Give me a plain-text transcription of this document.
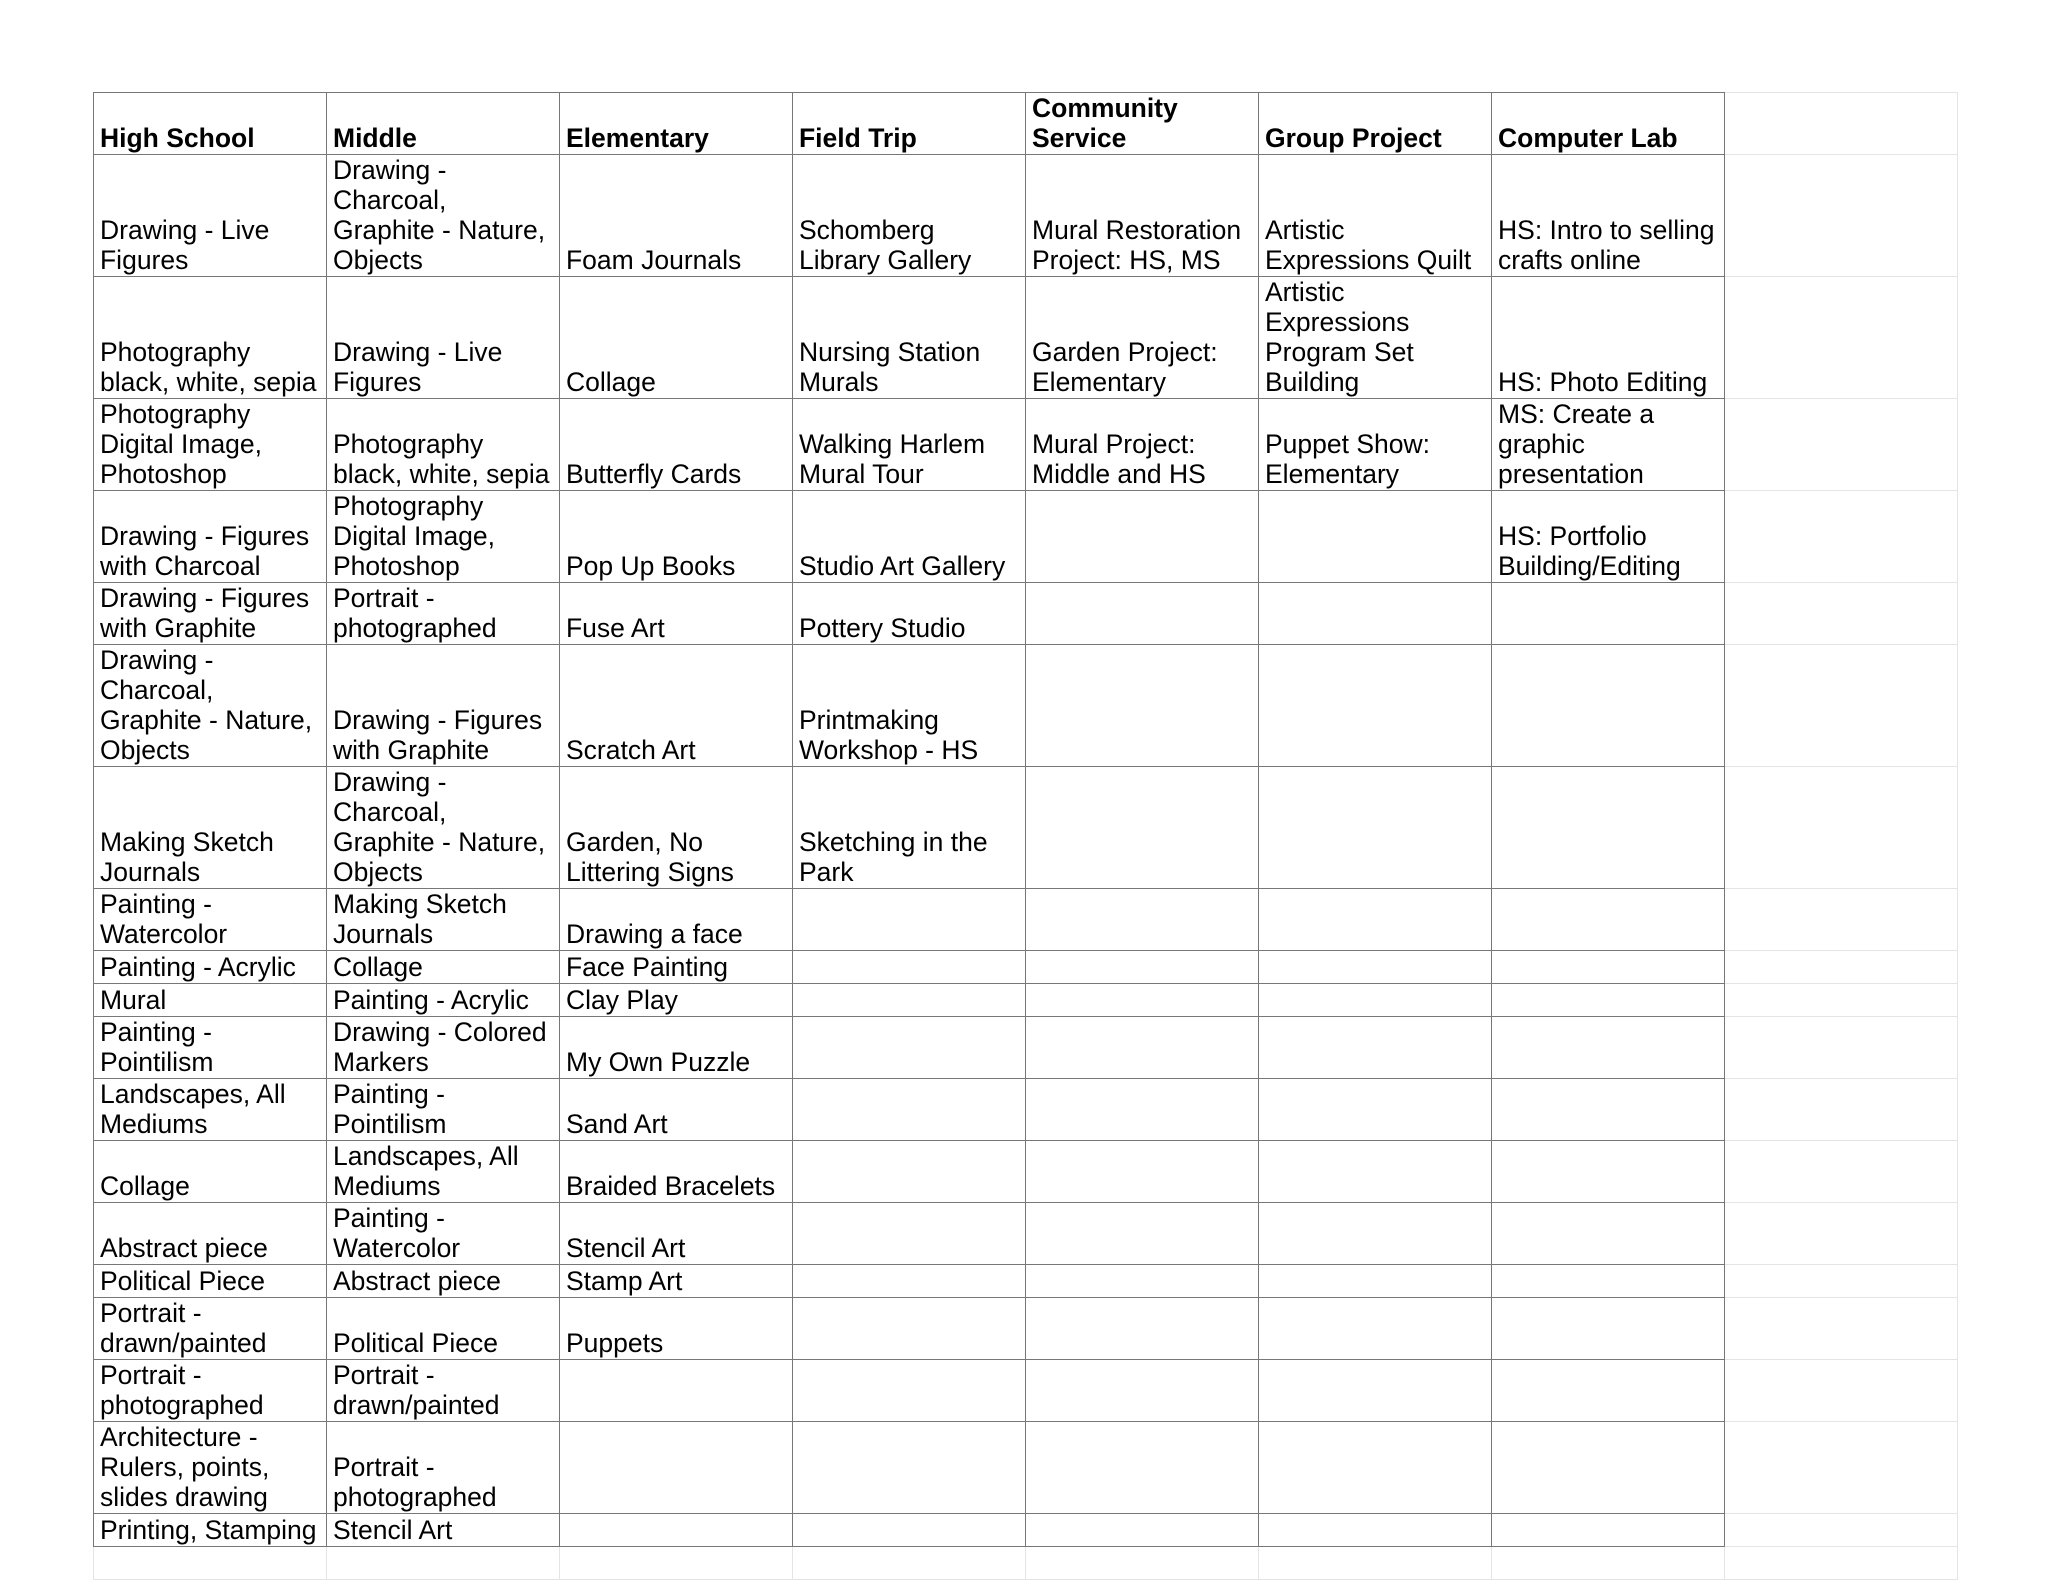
High School	Middle	Elementary	Field Trip	Community Service	Group Project	Computer Lab	
Drawing - Live Figures	Drawing - Charcoal, Graphite - Nature, Objects	Foam Journals	Schomberg Library Gallery	Mural Restoration Project: HS, MS	Artistic Expressions Quilt	HS: Intro to selling crafts online	
Photography black, white, sepia	Drawing - Live Figures	Collage	Nursing Station Murals	Garden Project: Elementary	Artistic Expressions Program Set Building	HS: Photo Editing	
Photography Digital Image, Photoshop	Photography black, white, sepia	Butterfly Cards	Walking Harlem Mural Tour	Mural Project: Middle and HS	Puppet Show: Elementary	MS: Create a graphic presentation	
Drawing - Figures with Charcoal	Photography Digital Image, Photoshop	Pop Up Books	Studio Art Gallery			HS: Portfolio Building/Editing	
Drawing - Figures with Graphite	Portrait - photographed	Fuse Art	Pottery Studio				
Drawing - Charcoal, Graphite - Nature, Objects	Drawing - Figures with Graphite	Scratch Art	Printmaking Workshop - HS				
Making Sketch Journals	Drawing - Charcoal, Graphite - Nature, Objects	Garden, No Littering Signs	Sketching in the Park				
Painting - Watercolor	Making Sketch Journals	Drawing a face					
Painting - Acrylic	Collage	Face Painting					
Mural	Painting - Acrylic	Clay Play					
Painting - Pointilism	Drawing - Colored Markers	My Own Puzzle					
Landscapes, All Mediums	Painting - Pointilism	Sand Art					
Collage	Landscapes, All Mediums	Braided Bracelets					
Abstract piece	Painting - Watercolor	Stencil Art					
Political Piece	Abstract piece	Stamp Art					
Portrait - drawn/painted	Political Piece	Puppets					
Portrait - photographed	Portrait - drawn/painted						
Architecture - Rulers, points, slides drawing	Portrait - photographed						
Printing, Stamping	Stencil Art						
